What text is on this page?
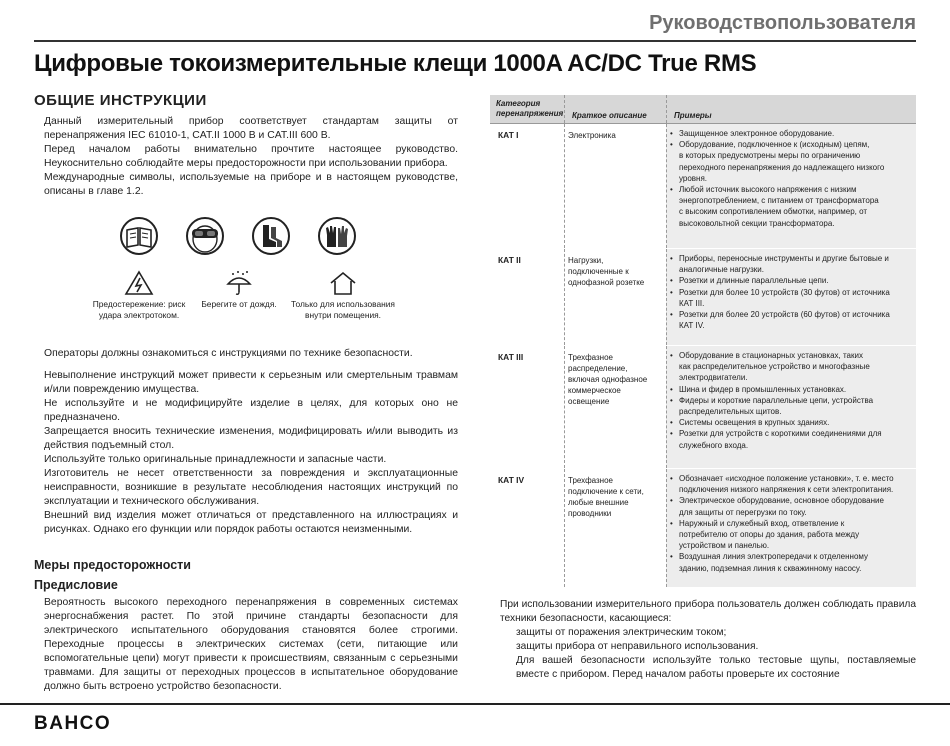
Руководствопользователя
Цифровые токоизмерительные клещи 1000A AC/DC True RMS
ОБЩИЕ ИНСТРУКЦИИ

Данный измерительный прибор соответствует стандартам защиты от перенапряжения IEC 61010-1, CAT.II 1000 В и CAT.III 600 В.

Перед началом работы внимательно прочтите настоящее руководство. Неукоснительно соблюдайте меры предосторожности при использовании прибора.

Международные символы, используемые на приборе и в настоящем руководстве, описаны в главе 1.2.

Предостережение: риск удара электротоком.
Берегите от дождя.	Только для использования внутри помещения.

Операторы должны ознакомиться с инструкциями по технике безопасности.

Невыполнение инструкций может привести к серьезным или смертельным травмам и/или повреждению имущества.

Не используйте и не модифицируйте изделие в целях, для которых оно не предназначено.

Запрещается вносить технические изменения, модифицировать и/или выводить из действия подъемный стол.

Используйте только оригинальные принадлежности и запасные части.

Изготовитель не несет ответственности за повреждения и эксплуатационные неисправности, возникшие в результате несоблюдения настоящих инструкций по эксплуатации и технического обслуживания.

Внешний вид изделия может отличаться от представленного на иллюстрациях и рисунках. Однако его функции или порядок работы остаются неизменными.

Меры предосторожности
Предисловие

Вероятность высокого переходного перенапряжения в современных системах энергоснабжения растет. По этой причине стандарты безопасности для электрического испытательного оборудования становятся более строгими. Переходные процессы в электрических системах (сети, питающие или вспомогательные цепи) могут привести к происшествиям, связанным с серьезными травмами. Для защиты от переходных процессов в испытательное оборудование должно быть встроено устройство безопасности.

Категория перенапряжения	Краткое описание	Примеры
КАТ I	Электроника
•	Защищенное электронное оборудование.
• Оборудование, подключенное к (исходным) цепям,
в которых предусмотрены меры по ограничению
переходного перенапряжения до надлежащего низкого
уровня.
• Любой источник высокого напряжения с низким
энергопотреблением, с питанием от трансформатора
с высоким сопротивлением обмотки, например, от
высоковольтной секции трансформатора.
КАТ II	Нагрузки, подключенные к однофазной розетке
• Приборы, переносные инструменты и другие бытовые и
аналогичные нагрузки.
• Розетки и длинные параллельные цепи.
• Розетки для более 10 устройств (30 футов) от источника
КАТ III.
• Розетки для более 20 устройств (60 футов) от источника
КАТ IV.
КАТ III	Трехфазное распределение, включая однофазное коммерческое освещение
• Оборудование в стационарных установках, таких
как распределительное устройство и многофазные
электродвигатели.
• Шина и фидер в промышленных установках.
• Фидеры и короткие параллельные цепи, устройства
распределительных щитов.
• Системы освещения в крупных зданиях.
• Розетки для устройств с короткими соединениями для
служебного входа.
КАТ IV	Трехфазное подключение к сети, любые внешние проводники
• Обозначает «исходное положение установки», т. е. место
подключения низкого напряжения к сети электропитания.
• Электрическое оборудование, основное оборудование
для защиты от перегрузки по току.
• Наружный и служебный вход, ответвление к
потребителю от опоры до здания, работа между
устройством и панелью.
• Воздушная линия электропередачи к отделенному
зданию, подземная линия к скважинному насосу.

При использовании измерительного прибора пользователь должен соблюдать правила техники безопасности, касающиеся:

защиты от поражения электрическим током;

защиты прибора от неправильного использования.

Для вашей безопасности используйте только тестовые щупы, поставляемые вместе с прибором. Перед началом работы проверьте их состояние

BAHCO
